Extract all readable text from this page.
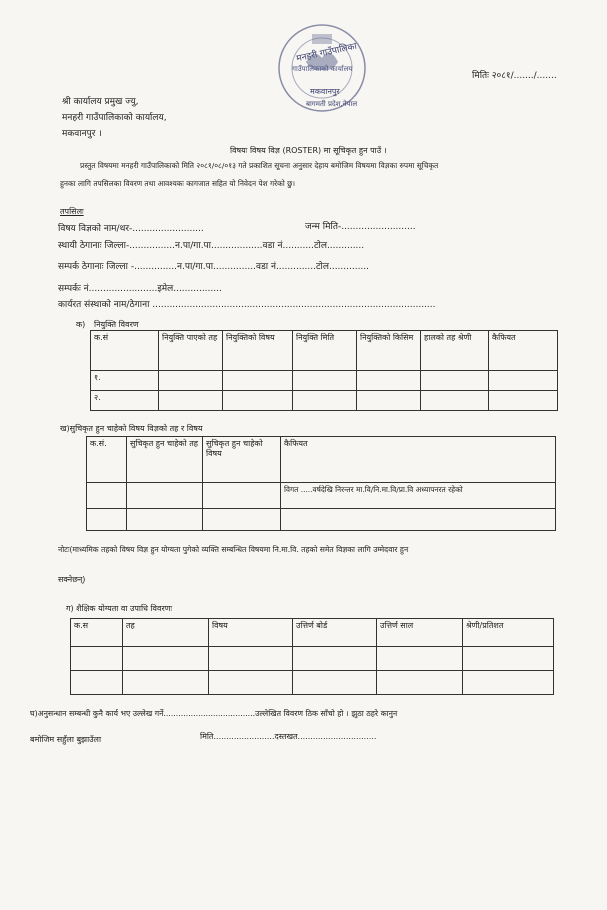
मनहरी गाउँपालिका
गाउँपालिकाको कार्यालय
मकवानपुर
बागमती प्रदेश,नेपाल
मितिः २०८१/......./.......
श्री कार्यालय प्रमुख ज्यु,
मनहरी गाउँपालिकाको कार्यालय,
मकवानपुर ।
विषयः विषय विज्ञ (ROSTER) मा सूचिकृत हुन पाउँ ।
प्रस्तुत विषयमा मनहरी गाउँपालिकाको मिति २०८१/०८/०१३ गते प्रकाशित सूचना अनुसार देहाय बमोजिम विषयमा विज्ञका रुपमा सूचिकृत
हुनका लागि तपसिलका विवरण तथा आवश्यकः कागजात सहित यो निवेदन पेश गरेको छु।
तपसिलः
विषय विज्ञको नाम/थर-.........................	जन्म मिति-..........................
स्थायी ठेगानाः जिल्ला-................न.पा/गा.पा..................वडा नं...........टोल.............
सम्पर्क ठेगानाः जिल्ला -...............न.पा/गा.पा...............वडा नं..............टोल..............
सम्पर्कः नं........................इमेल.................
कार्यरत संस्थाको नाम/ठेगाना ...................................................................................................
क) नियुक्ति विवरण
क.सं	नियुक्ति पाएको तह	नियुक्तिको विषय	नियुक्ति मिति	नियुक्तिको किसिम	हालको तह श्रेणी	कैफियत
१.						
२.						
ख)सुचिकृत हुन चाहेको विषय विज्ञको तह र विषय
क.सं.	सुचिकृत हुन चाहेको तह	सुचिकृत हुन चाहेको विषय	कैफियत
			विगत .....वर्षदेखि निरन्तर मा.वि/नि.मा.वि/प्रा.वि अध्यापनरत रहेको

नोटः(माध्यमिक तहको विषय विज्ञ हुन योग्यता पुगेको व्यक्ति सम्बन्धित विषयमा नि.मा.वि. तहको समेत विज्ञका लागि उम्मेदवार हुन
सक्नेछन्)
ग) शैक्षिक योग्यता वा उपाधि विवरणः
क.स	तह	विषय	उत्तिर्ण बोर्ड	उत्तिर्ण साल	श्रेणी/प्रतिशत

घ)अनुसन्धान सम्बन्धी कुनै कार्य भए उल्लेख गर्ने.....................................उल्लेखित विवरण ठिक साँचो हो । झुठा ठहरे कानुन
बमोजिम सहुँला बुझाउँला	मिति........................दस्तखत...............................
